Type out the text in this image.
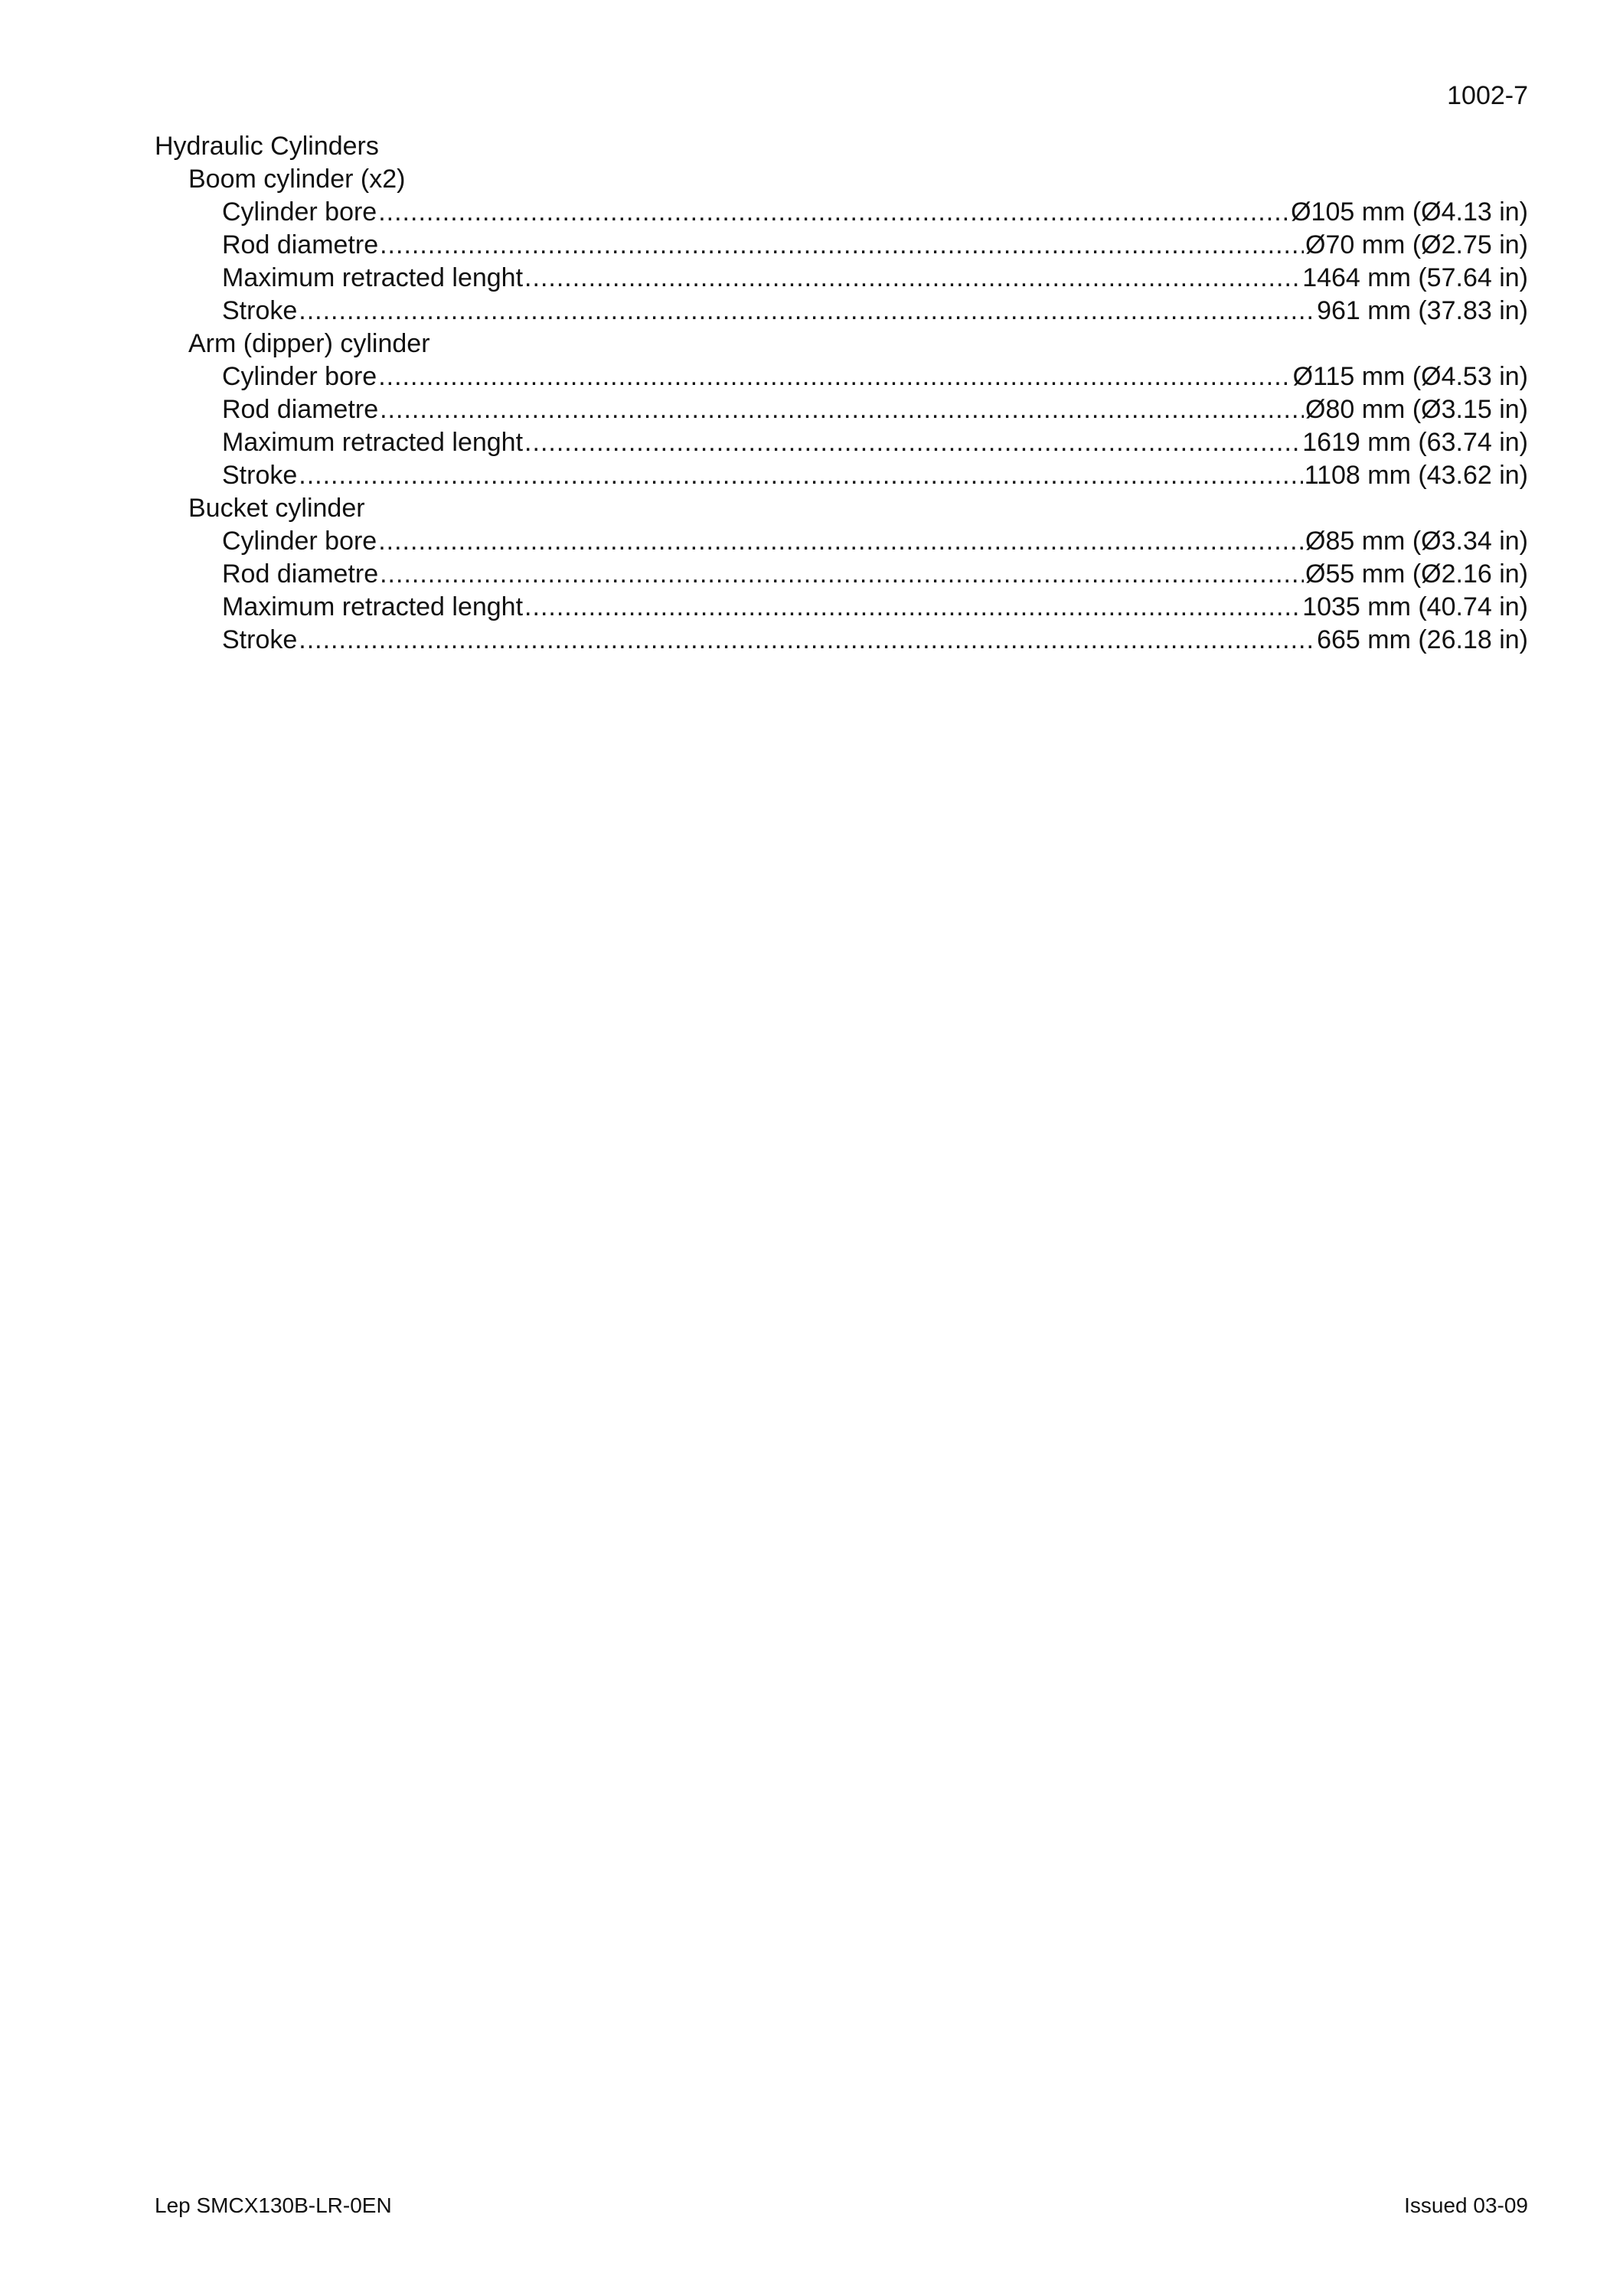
1002-7
Hydraulic Cylinders
Boom cylinder (x2)
Cylinder bore .....	Ø105 mm (Ø4.13 in)
Rod diametre .....	Ø70 mm (Ø2.75 in)
Maximum retracted lenght .....	1464 mm (57.64 in)
Stroke .....	961 mm (37.83 in)
Arm (dipper) cylinder
Cylinder bore .....	Ø115 mm (Ø4.53 in)
Rod diametre .....	Ø80 mm (Ø3.15 in)
Maximum retracted lenght .....	1619 mm (63.74 in)
Stroke .....	1108 mm (43.62 in)
Bucket cylinder
Cylinder bore .....	Ø85 mm (Ø3.34 in)
Rod diametre .....	Ø55 mm (Ø2.16 in)
Maximum retracted lenght .....	1035 mm (40.74 in)
Stroke .....	665 mm (26.18 in)
Lep SMCX130B-LR-0EN	Issued 03-09
